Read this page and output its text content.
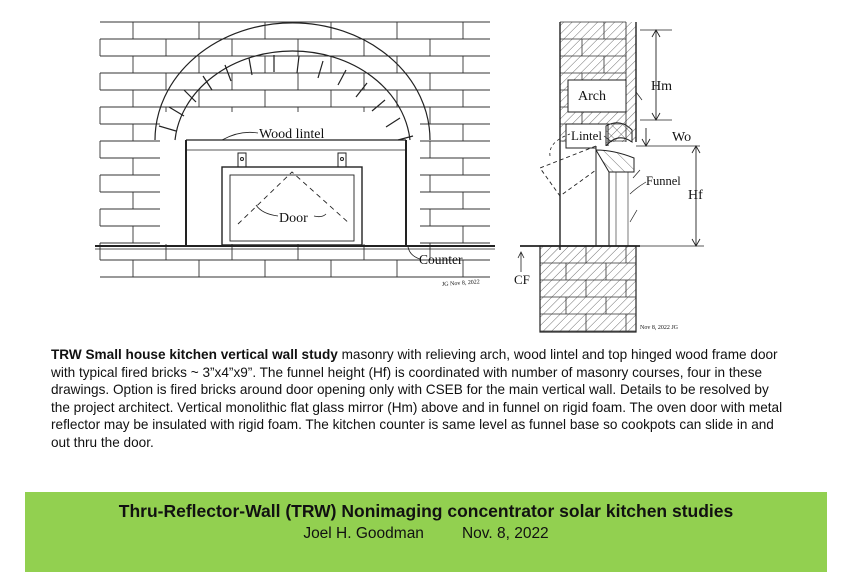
Wood lintel
Door
Counter
JG Nov 8, 2022
Arch
Hm
Lintel	Wo
Funnel
Hf
CF
Nov 8, 2022 JG
TRW Small house kitchen vertical wall study masonry with relieving arch, wood lintel and top hinged wood frame door with typical fired bricks ~ 3”x4”x9”. The funnel height (Hf) is coordinated with number of masonry courses, four in these drawings. Option is fired bricks around door opening only with CSEB for the main vertical wall. Details to be resolved by the project architect. Vertical monolithic flat glass mirror (Hm) above and in funnel on rigid foam. The oven door with metal reflector may be insulated with rigid foam. The kitchen counter is same level as funnel base so cookpots can slide in and out thru the door.
Thru-Reflector-Wall (TRW) Nonimaging concentrator solar kitchen studies
Joel H. Goodman Nov. 8, 2022
